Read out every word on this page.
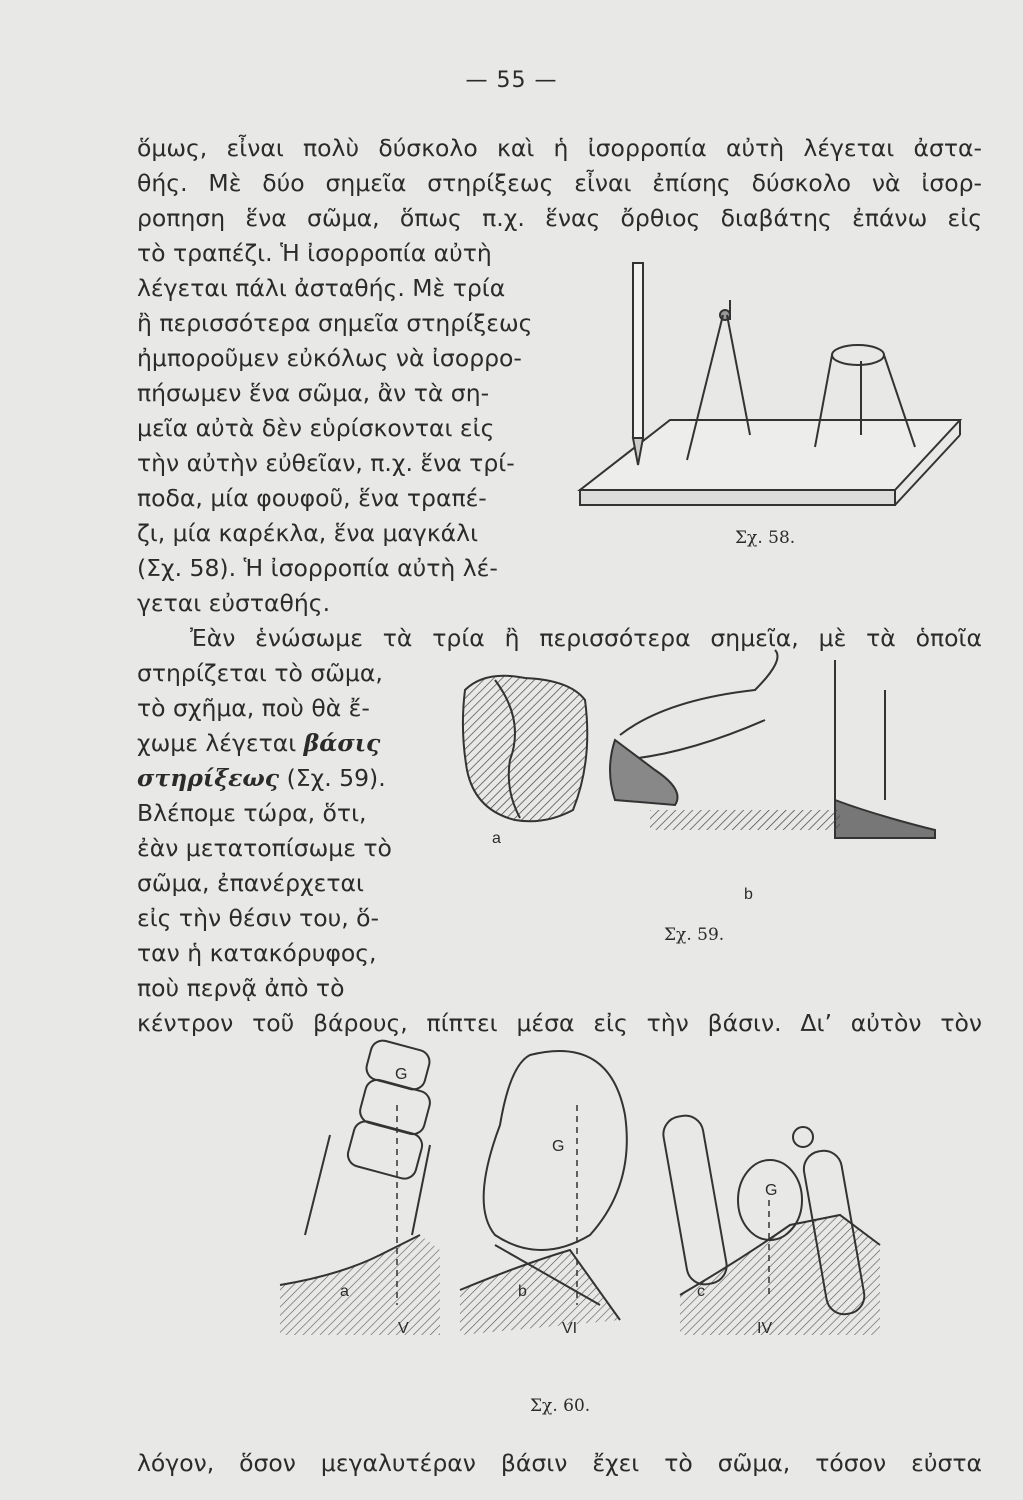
— 55 —
ὅμως, εἶναι πολὺ δύσκολο καὶ ἡ ἰσορροπία αὐτὴ λέγεται ἀστα-
θής. Μὲ δύο σημεῖα στηρίξεως εἶναι ἐπίσης δύσκολο νὰ ἰσορ-
ροπηση ἕνα σῶμα, ὅπως π.χ. ἕνας ὄρθιος διαβάτης ἐπάνω εἰς
τὸ τραπέζι. Ἡ ἰσορροπία αὐτὴ
λέγεται πάλι ἀσταθής. Μὲ τρία
ἢ περισσότερα σημεῖα στηρίξεως
ἠμποροῦμεν εὐκόλως νὰ ἰσορρο-
πήσωμεν ἕνα σῶμα, ἂν τὰ ση-
μεῖα αὐτὰ δὲν εὑρίσκονται εἰς
τὴν αὐτὴν εὐθεῖαν, π.χ. ἕνα τρί-
ποδα, μία φουφοῦ, ἕνα τραπέ-
ζι, μία καρέκλα, ἕνα μαγκάλι
(Σχ. 58). Ἡ ἰσορροπία αὐτὴ λέ-
γεται εὐσταθής.
Ἐὰν ἑνώσωμε τὰ τρία ἢ περισσότερα σημεῖα, μὲ τὰ ὁποῖα
στηρίζεται τὸ σῶμα,
τὸ σχῆμα, ποὺ θὰ ἔ-
χωμε λέγεται βάσις
στηρίξεως (Σχ. 59).
Βλέπομε τώρα, ὅτι,
ἐὰν μετατοπίσωμε τὸ
σῶμα, ἐπανέρχεται
εἰς τὴν θέσιν του, ὅ-
ταν ἡ κατακόρυφος,
ποὺ περνᾷ ἀπὸ τὸ
κέντρον τοῦ βάρους, πίπτει μέσα εἰς τὴν βάσιν. Δι’ αὐτὸν τὸν
λόγον, ὅσον μεγαλυτέραν βάσιν ἔχει τὸ σῶμα, τόσον εὐστα
Σχ. 58.
a
b
Σχ. 59.
G
G
G
a	b	c
V	VI	IV
Σχ. 60.
